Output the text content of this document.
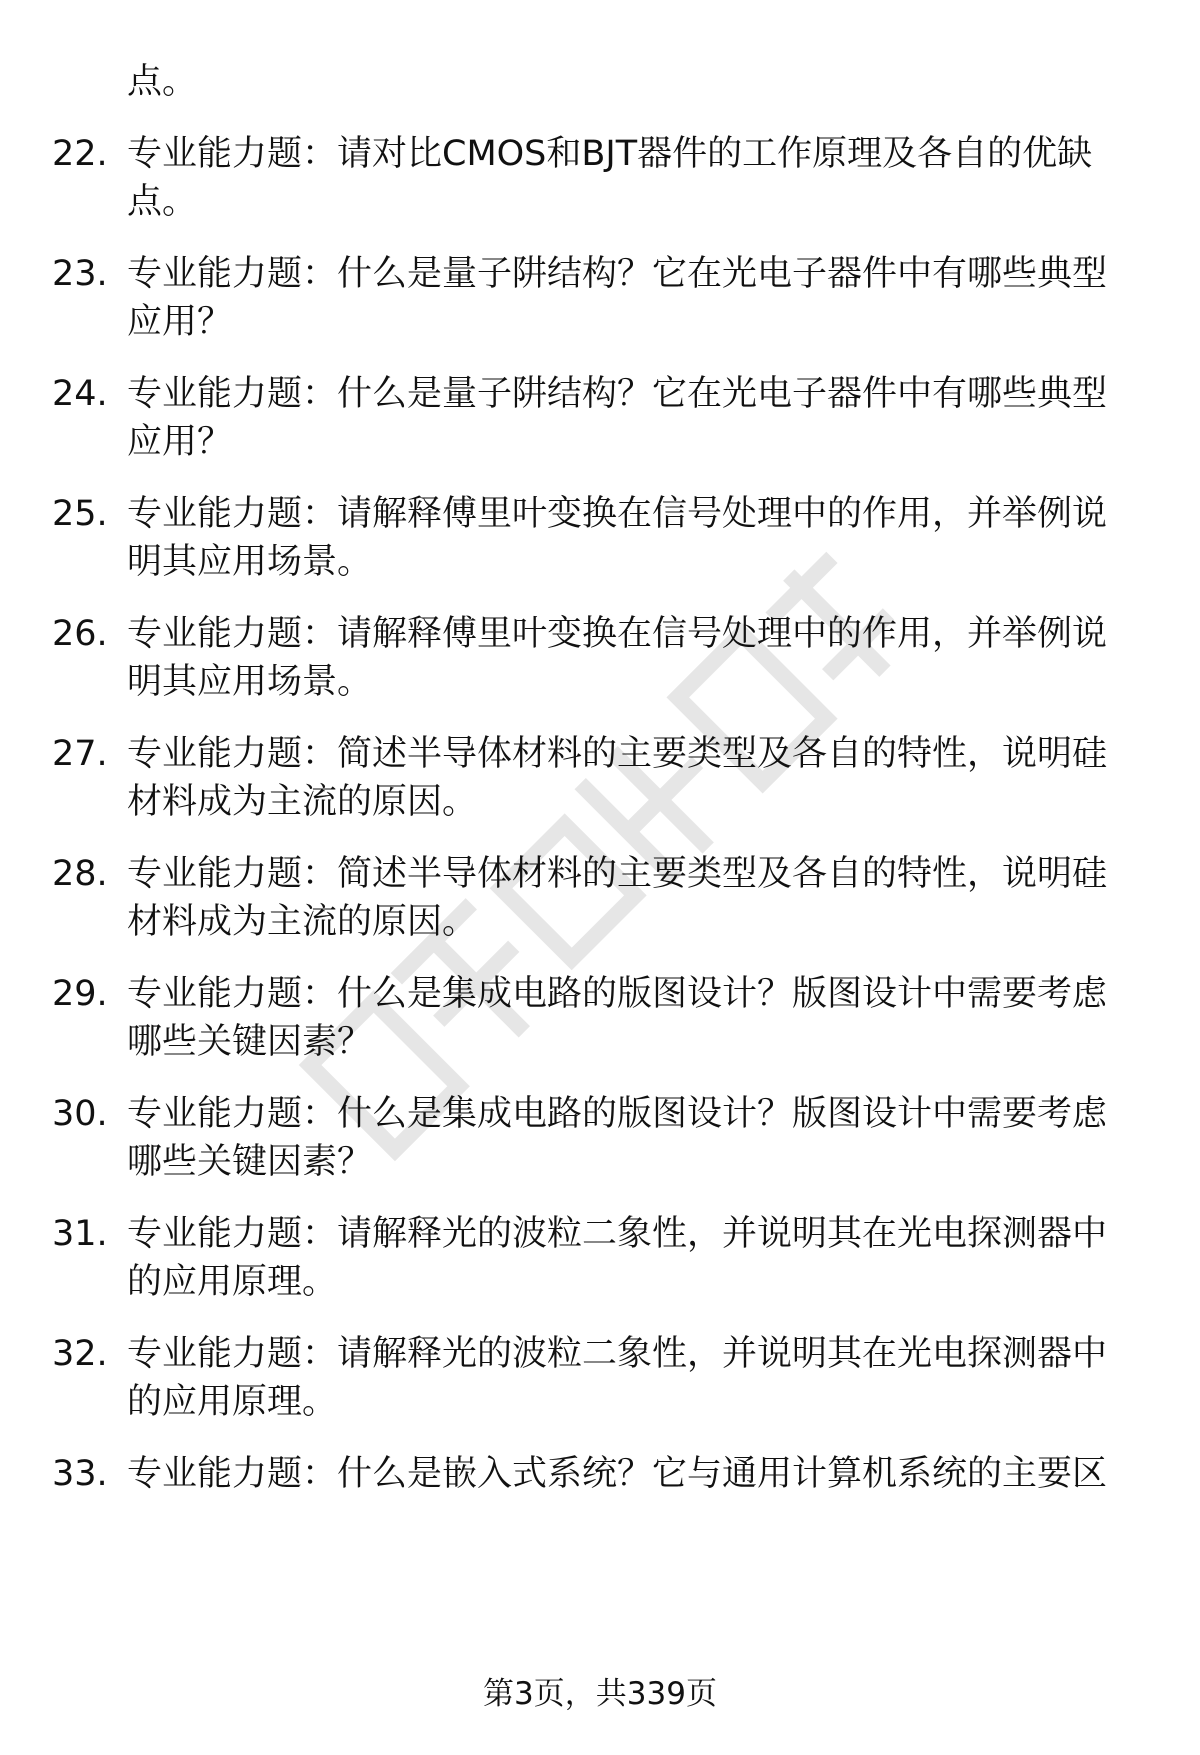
点。
22. 专业能力题：请对比CMOS和BJT器件的工作原理及各自的优缺
点。
23. 专业能力题：什么是量子阱结构？它在光电子器件中有哪些典型
应用？
24. 专业能力题：什么是量子阱结构？它在光电子器件中有哪些典型
应用？
25. 专业能力题：请解释傅里叶变换在信号处理中的作用，并举例说
明其应用场景。
26. 专业能力题：请解释傅里叶变换在信号处理中的作用，并举例说
明其应用场景。
27. 专业能力题：简述半导体材料的主要类型及各自的特性，说明硅
材料成为主流的原因。
28. 专业能力题：简述半导体材料的主要类型及各自的特性，说明硅
材料成为主流的原因。
29. 专业能力题：什么是集成电路的版图设计？版图设计中需要考虑
哪些关键因素？
30. 专业能力题：什么是集成电路的版图设计？版图设计中需要考虑
哪些关键因素？
31. 专业能力题：请解释光的波粒二象性，并说明其在光电探测器中
的应用原理。
32. 专业能力题：请解释光的波粒二象性，并说明其在光电探测器中
的应用原理。
33. 专业能力题：什么是嵌入式系统？它与通用计算机系统的主要区
第3页，共339页
